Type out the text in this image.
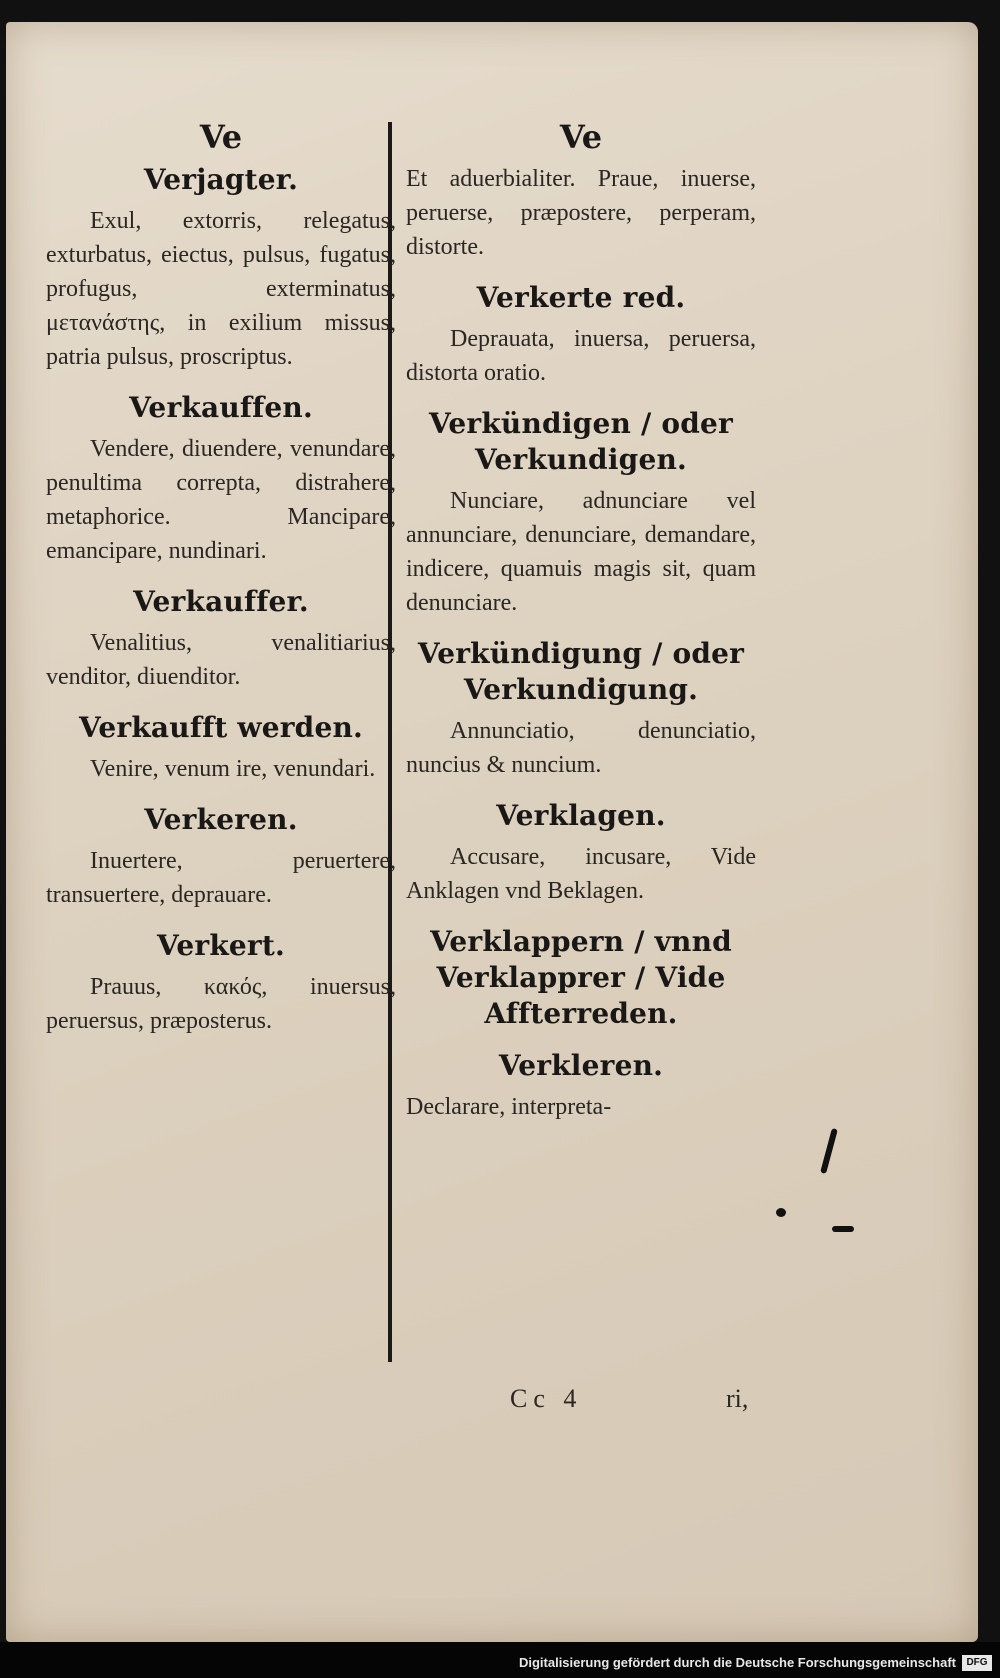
Ve
Verjagter.

Exul, extorris, relegatus, exturbatus, eiectus, pulsus, fugatus, profugus, exterminatus, μετανάστης, in exilium missus, patria pulsus, proscriptus.

Verkauffen.

Vendere, diuendere, venundare, penultima correpta, distrahere, metaphorice. Mancipare, emancipare, nundinari.

Verkauffer.

Venalitius, venalitiarius, venditor, diuenditor.

Verkaufft werden.

Venire, venum ire, venundari.

Verkeren.

Inuertere, peruertere, transuertere, deprauare.

Verkert.

Prauus, κακός, inuersus, peruersus, præposterus.

Ve

Et aduerbialiter. Praue, inuerse, peruerse, præpostere, perperam, distorte.

Verkerte red.

Deprauata, inuersa, peruersa, distorta oratio.

Verkündigen / oder Verkundigen.

Nunciare, adnunciare vel annunciare, denunciare, demandare, indicere, quamuis magis sit, quam denunciare.

Verkündigung / oder Verkundigung.

Annunciatio, denunciatio, nuncius & nuncium.

Verklagen.

Accusare, incusare, Vide Anklagen vnd Beklagen.

Verklappern / vnnd Verklapprer / Vide Affterreden.
Verkleren.

Declarare, interpreta-

Cc 4	ri,
Digitalisierung gefördert durch die Deutsche Forschungsgemeinschaft	DFG
